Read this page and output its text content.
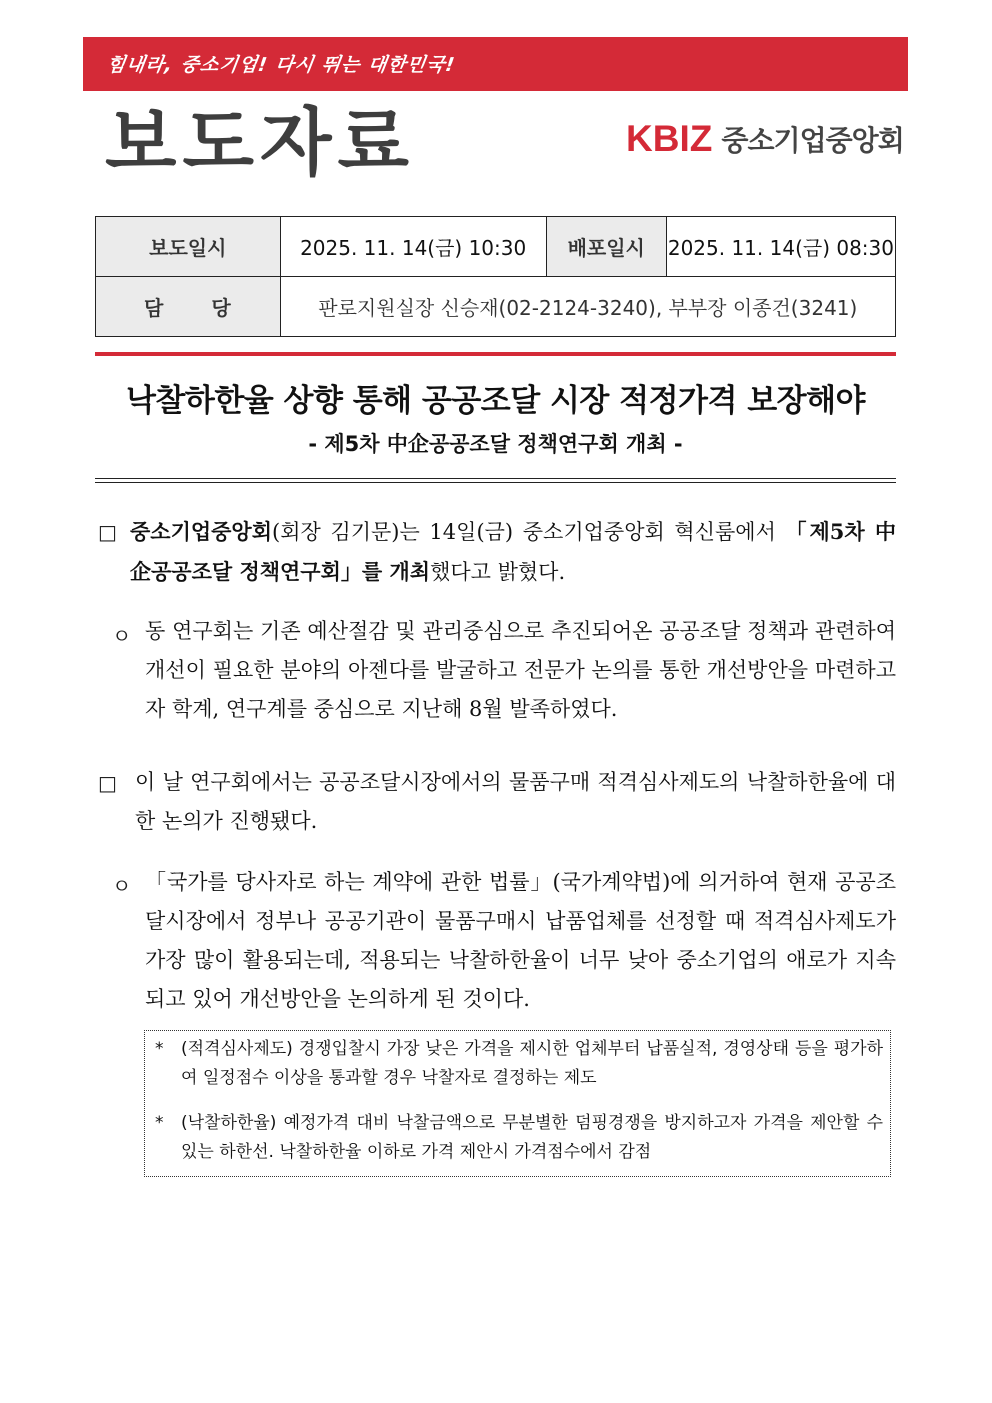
힘내라, 중소기업! 다시 뛰는 대한민국!
보도자료	KBIZ 중소기업중앙회
보도일시	2025. 11. 14(금) 10:30	배포일시	2025. 11. 14(금) 08:30
담당	판로지원실장 신승재(02-2124-3240), 부부장 이종건(3241)		
낙찰하한율 상향 통해 공공조달 시장 적정가격 보장해야
- 제5차 中企공공조달 정책연구회 개최 -
□ 중소기업중앙회(회장 김기문)는 14일(금) 중소기업중앙회 혁신룸에서 「제5차 中企공공조달 정책연구회」를 개최했다고 밝혔다.
ㅇ 동 연구회는 기존 예산절감 및 관리중심으로 추진되어온 공공조달 정책과 관련하여 개선이 필요한 분야의 아젠다를 발굴하고 전문가 논의를 통한 개선방안을 마련하고자 학계, 연구계를 중심으로 지난해 8월 발족하였다.
□ 이 날 연구회에서는 공공조달시장에서의 물품구매 적격심사제도의 낙찰하한율에 대한 논의가 진행됐다.
ㅇ 「국가를 당사자로 하는 계약에 관한 법률」(국가계약법)에 의거하여 현재 공공조달시장에서 정부나 공공기관이 물품구매시 납품업체를 선정할 때 적격심사제도가 가장 많이 활용되는데, 적용되는 낙찰하한율이 너무 낮아 중소기업의 애로가 지속되고 있어 개선방안을 논의하게 된 것이다.
*	(적격심사제도) 경쟁입찰시 가장 낮은 가격을 제시한 업체부터 납품실적, 경영상태 등을 평가하여 일정점수 이상을 통과할 경우 낙찰자로 결정하는 제도
*	(낙찰하한율) 예정가격 대비 낙찰금액으로 무분별한 덤핑경쟁을 방지하고자 가격을 제안할 수 있는 하한선. 낙찰하한율 이하로 가격 제안시 가격점수에서 감점
